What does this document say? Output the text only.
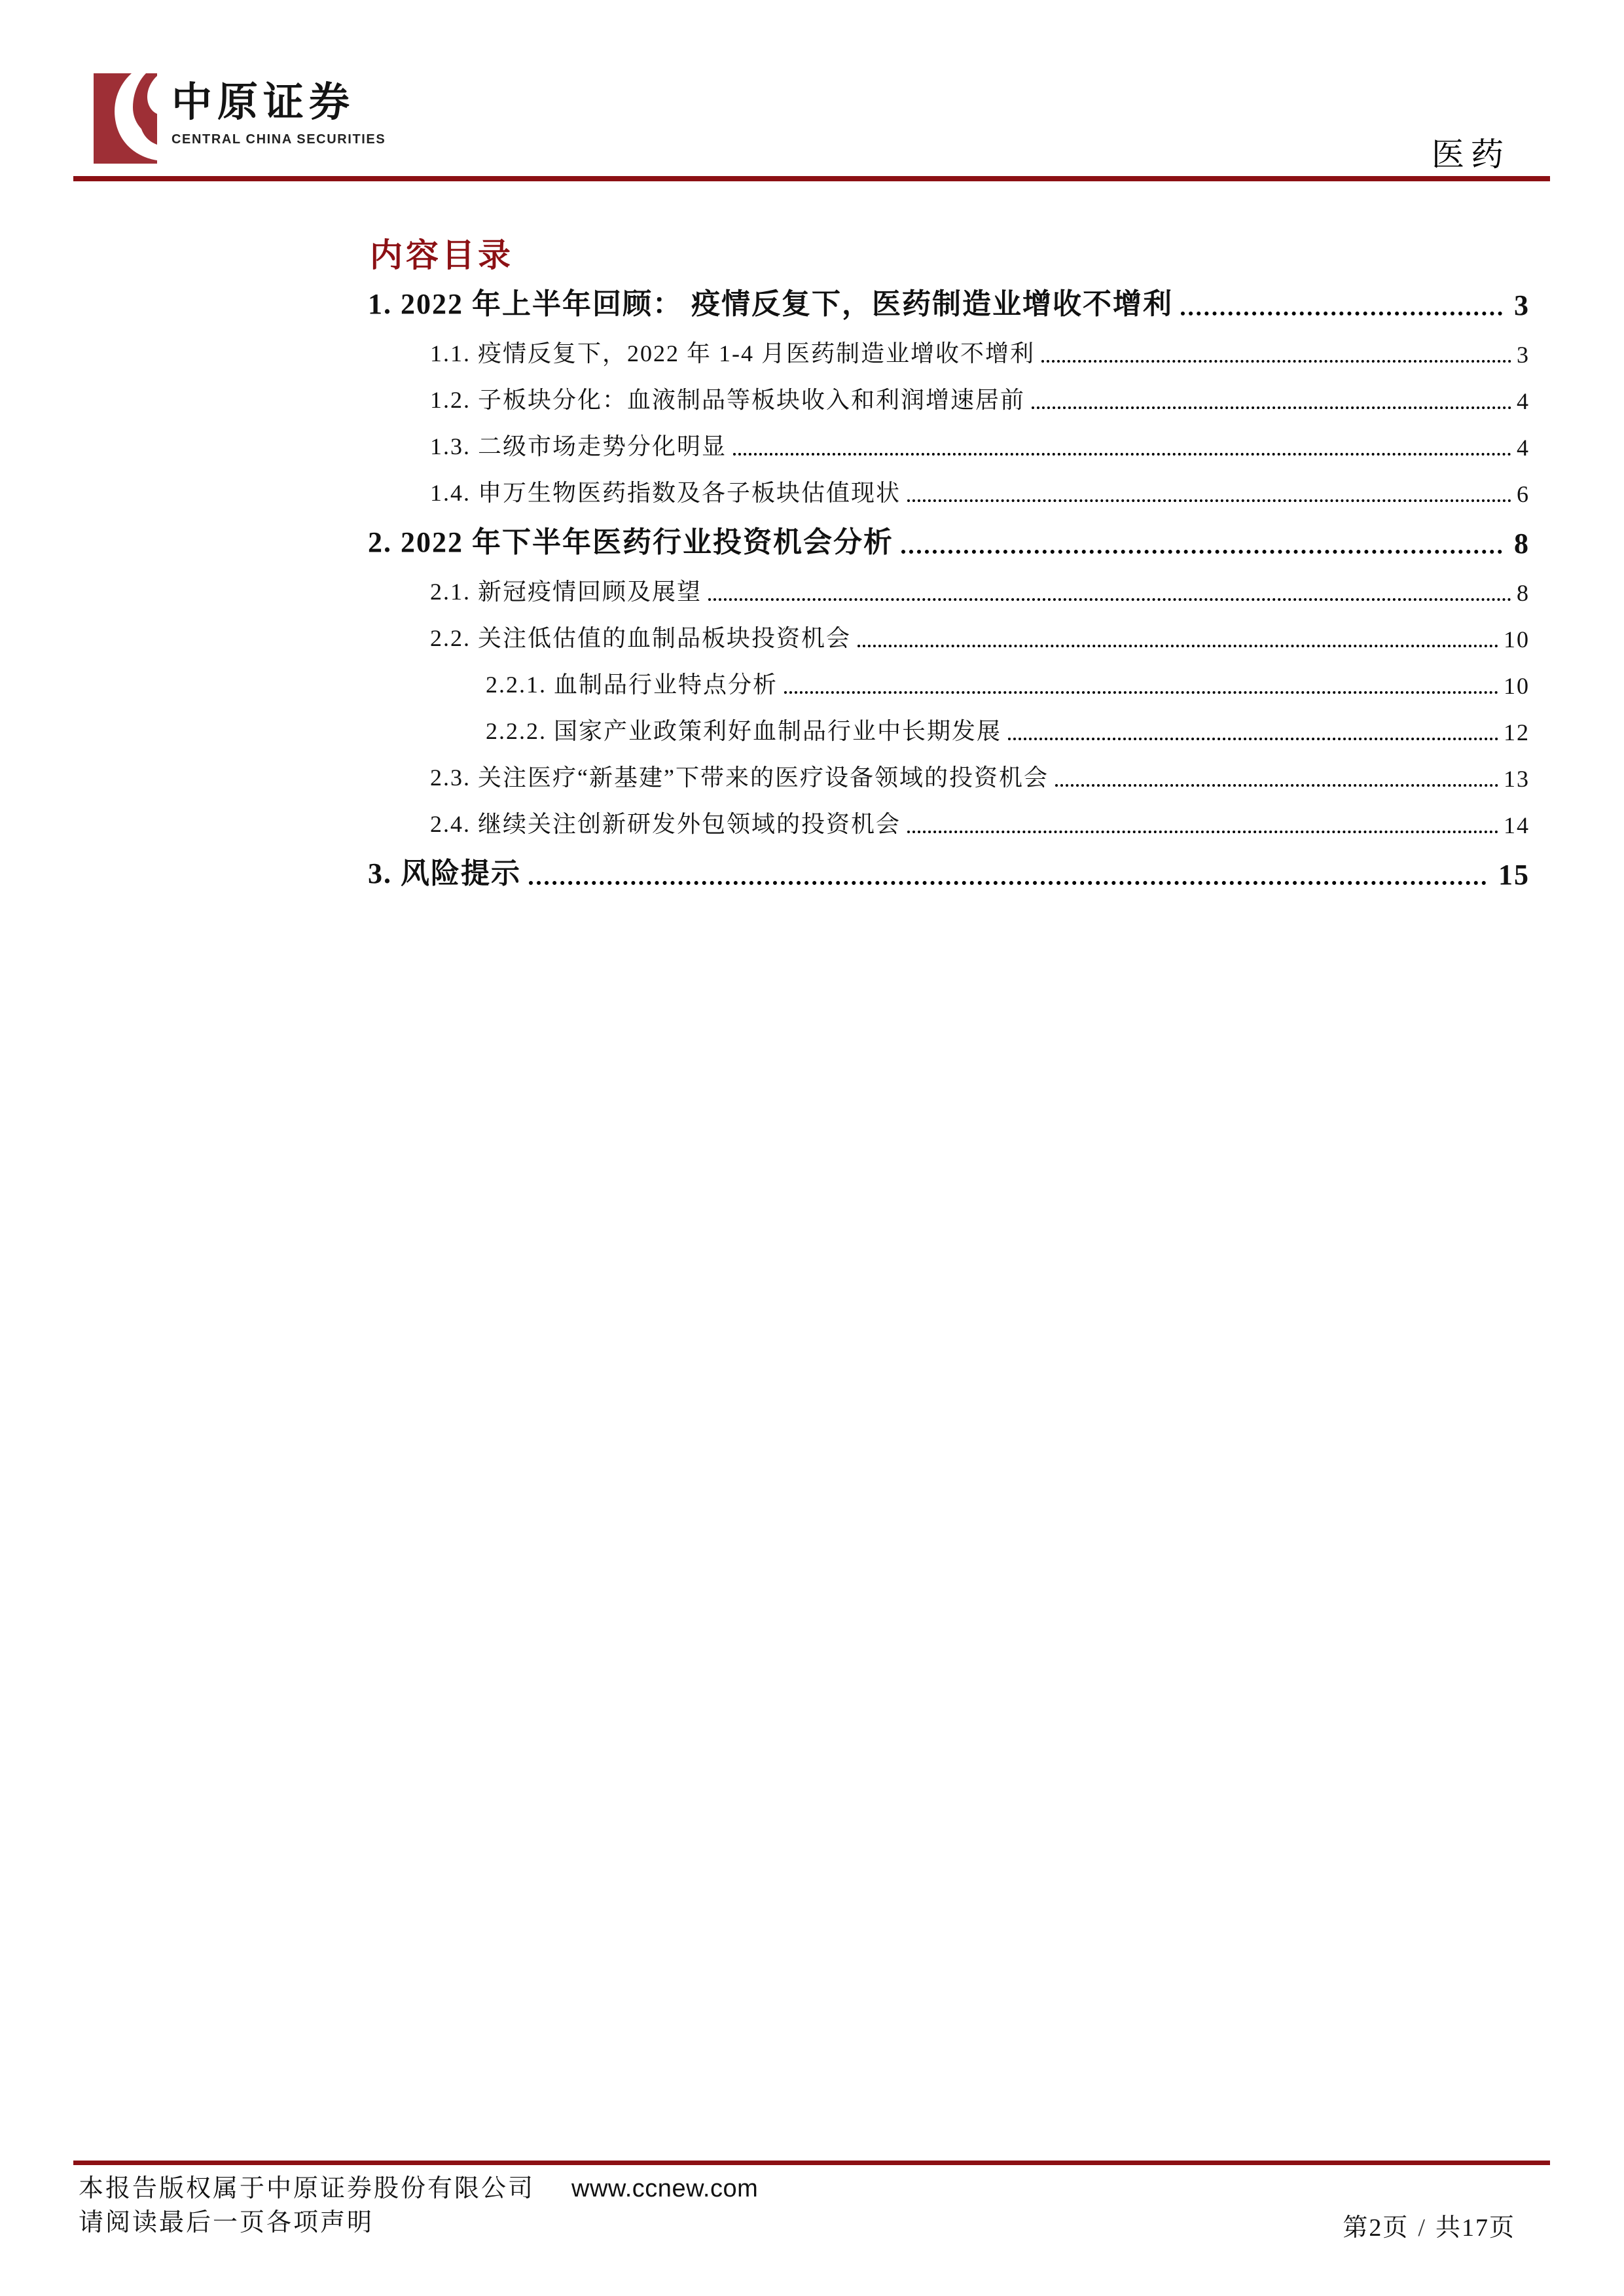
中原证券
CENTRAL CHINA SECURITIES	医药
内容目录
1. 2022 年上半年回顾： 疫情反复下，医药制造业增收不增利	3
1.1. 疫情反复下，2022 年 1-4 月医药制造业增收不增利	3
1.2. 子板块分化：血液制品等板块收入和利润增速居前	4
1.3. 二级市场走势分化明显	4
1.4. 申万生物医药指数及各子板块估值现状	6
2. 2022 年下半年医药行业投资机会分析	8
2.1. 新冠疫情回顾及展望	8
2.2. 关注低估值的血制品板块投资机会	10
2.2.1. 血制品行业特点分析	10
2.2.2. 国家产业政策利好血制品行业中长期发展	12
2.3. 关注医疗“新基建”下带来的医疗设备领域的投资机会	13
2.4. 继续关注创新研发外包领域的投资机会	14
3. 风险提示	15
本报告版权属于中原证券股份有限公司 www.ccnew.com
请阅读最后一页各项声明	第2页 / 共17页
